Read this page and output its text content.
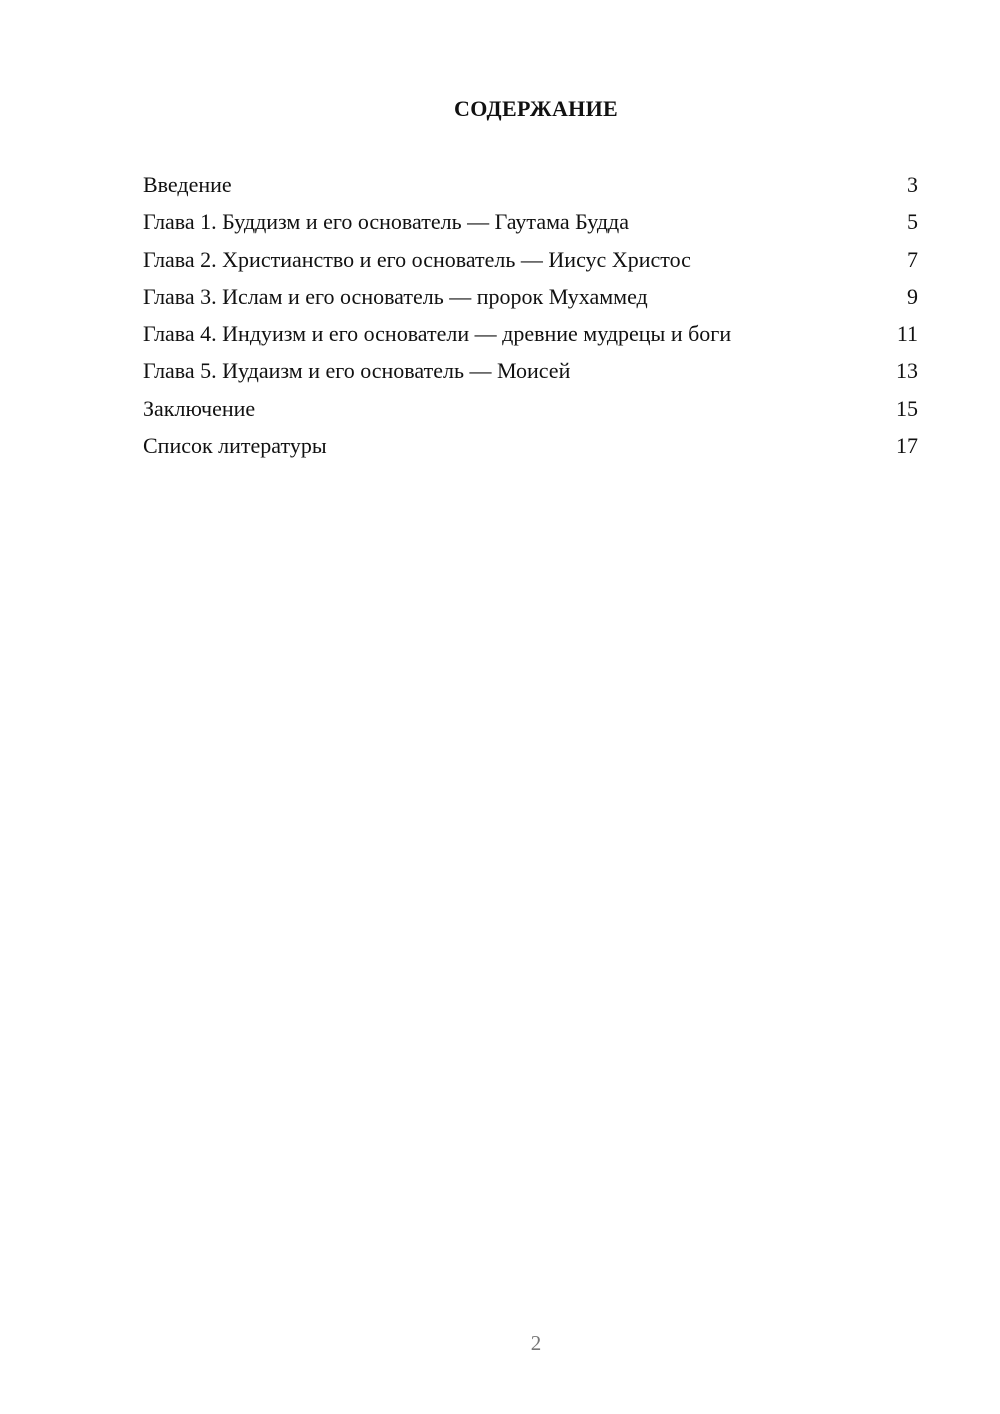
СОДЕРЖАНИЕ
Введение	3
Глава 1. Буддизм и его основатель — Гаутама Будда	5
Глава 2. Христианство и его основатель — Иисус Христос	7
Глава 3. Ислам и его основатель — пророк Мухаммед	9
Глава 4. Индуизм и его основатели — древние мудрецы и боги	11
Глава 5. Иудаизм и его основатель — Моисей	13
Заключение	15
Список литературы	17
2
